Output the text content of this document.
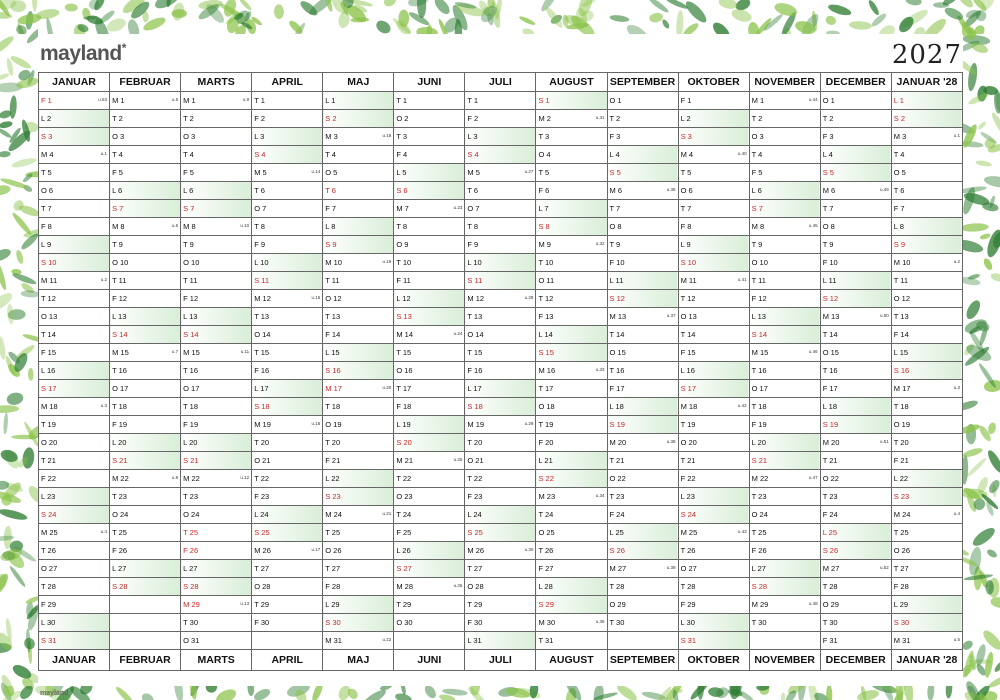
mayland*	2027
JANUAR	FEBRUAR	MARTS	APRIL	MAJ	JUNI	JULI	AUGUST	SEPTEMBER	OKTOBER	NOVEMBER	DECEMBER	JANUAR '28
F 1 u.53	M 1 u.5	M 1 u.9	T 1	L 1	T 1	T 1	S 1	O 1	F 1	M 1 u.44	O 1	L 1
L 2	T 2	T 2	F 2	S 2	O 2	F 2	M 2 u.31	T 2	L 2	T 2	T 2	S 2
S 3	O 3	O 3	L 3	M 3 u.18	T 3	L 3	T 3	F 3	S 3	O 3	F 3	M 3 u.1

M 4 u.1	T 4	T 4	S 4	T 4	F 4	S 4	O 4	L 4	M 4 u.40	T 4	L 4	T 4
T 5	F 5	F 5	M 5 u.14	O 5	L 5	M 5 u.27	T 5	S 5	T 5	F 5	S 5	O 5
O 6	L 6	L 6	T 6	T 6	S 6	T 6	F 6	M 6 u.36	O 6	L 6	M 6 u.49	T 6
T 7	S 7	S 7	O 7	F 7	M 7 u.23	O 7	L 7	T 7	T 7	S 7	T 7	F 7
F 8	M 8 u.6	M 8 u.10	T 8	L 8	T 8	T 8	S 8	O 8	F 8	M 8 u.45	O 8	L 8
L 9	T 9	T 9	F 9	S 9	O 9	F 9	M 9 u.32	T 9	L 9	T 9	T 9	S 9
S 10	O 10	O 10	L 10	M 10 u.19	T 10	L 10	T 10	F 10	S 10	O 10	F 10	M 10 u.2

M 11 u.2	T 11	T 11	S 11	T 11	F 11	S 11	O 11	L 11	M 11 u.41	T 11	L 11	T 11
T 12	F 12	F 12	M 12 u.15	O 12	L 12	M 12 u.28	T 12	S 12	T 12	F 12	S 12	O 12
O 13	L 13	L 13	T 13	T 13	S 13	T 13	F 13	M 13 u.37	O 13	L 13	M 13 u.50	T 13
T 14	S 14	S 14	O 14	F 14	M 14 u.24	O 14	L 14	T 14	T 14	S 14	T 14	F 14
F 15	M 15 u.7	M 15 u.11	T 15	L 15	T 15	T 15	S 15	O 15	F 15	M 15 u.46	O 15	L 15
L 16	T 16	T 16	F 16	S 16	O 16	F 16	M 16 u.33	T 16	L 16	T 16	T 16	S 16
S 17	O 17	O 17	L 17	M 17 u.20	T 17	L 17	T 17	F 17	S 17	O 17	F 17	M 17 u.3

M 18 u.3	T 18	T 18	S 18	T 18	F 18	S 18	O 18	L 18	M 18 u.42	T 18	L 18	T 18
T 19	F 19	F 19	M 19 u.16	O 19	L 19	M 19 u.29	T 19	S 19	T 19	F 19	S 19	O 19
O 20	L 20	L 20	T 20	T 20	S 20	T 20	F 20	M 20 u.38	O 20	L 20	M 20 u.51	T 20
T 21	S 21	S 21	O 21	F 21	M 21 u.25	O 21	L 21	T 21	T 21	S 21	T 21	F 21
F 22	M 22 u.8	M 22 u.12	T 22	L 22	T 22	T 22	S 22	O 22	F 22	M 22 u.47	O 22	L 22
L 23	T 23	T 23	F 23	S 23	O 23	F 23	M 23 u.34	T 23	L 23	T 23	T 23	S 23
S 24	O 24	O 24	L 24	M 24 u.21	T 24	L 24	T 24	F 24	S 24	O 24	F 24	M 24 u.4

M 25 u.4	T 25	T 25	S 25	T 25	F 25	S 25	O 25	L 25	M 25 u.43	T 25	L 25	T 25
T 26	F 26	F 26	M 26 u.17	O 26	L 26	M 26 u.30	T 26	S 26	T 26	F 26	S 26	O 26
O 27	L 27	L 27	T 27	T 27	S 27	T 27	F 27	M 27 u.39	O 27	L 27	M 27 u.52	T 27
T 28	S 28	S 28	O 28	F 28	M 28 u.26	O 28	L 28	T 28	T 28	S 28	T 28	F 28
F 29		M 29 u.13	T 29	L 29	T 29	T 29	S 29	O 29	F 29	M 29 u.48	O 29	L 29
L 30		T 30	F 30	S 30	O 30	F 30	M 30 u.35	T 30	L 30	T 30	T 30	S 30
S 31		O 31		M 31 u.22		L 31	T 31		S 31		F 31	M 31 u.5

JANUAR	FEBRUAR	MARTS	APRIL	MAJ	JUNI	JULI	AUGUST	SEPTEMBER	OKTOBER	NOVEMBER	DECEMBER	JANUAR '28
mayland
